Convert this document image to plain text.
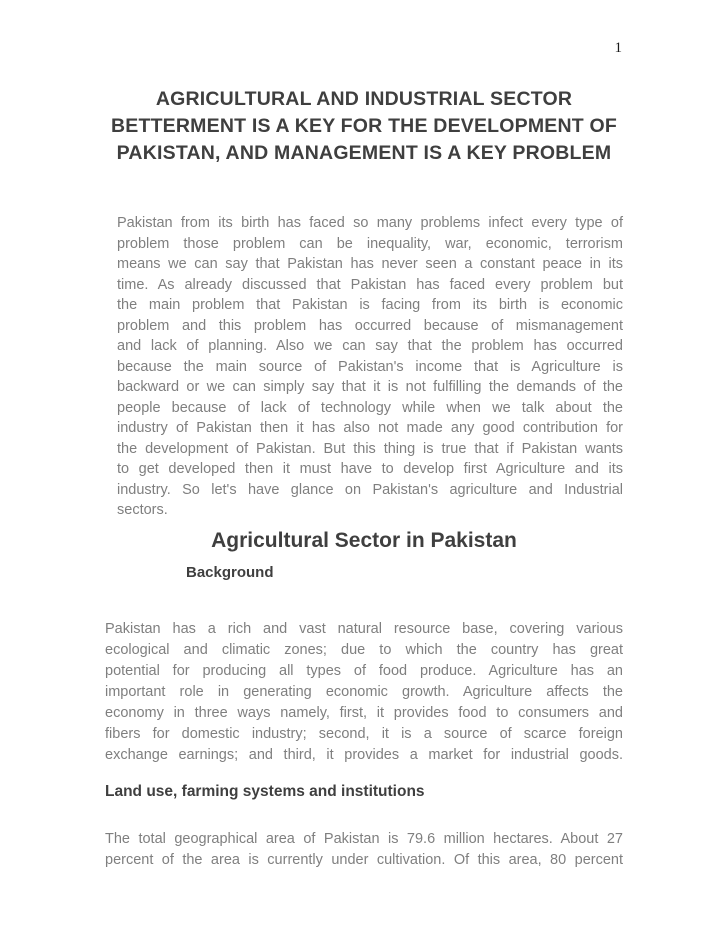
1
AGRICULTURAL AND INDUSTRIAL SECTOR
BETTERMENT IS A KEY FOR THE DEVELOPMENT OF
PAKISTAN, AND MANAGEMENT IS A KEY PROBLEM
Pakistan from its birth has faced so many problems infect every type of
problem those problem can be inequality, war, economic, terrorism
means we can say that Pakistan has never seen a constant peace in its
time. As already discussed that Pakistan has faced every problem but
the main problem that Pakistan is facing from its birth is economic
problem and this problem has occurred because of mismanagement
and lack of planning. Also we can say that the problem has occurred
because the main source of Pakistan's income that is Agriculture is
backward or we can simply say that it is not fulfilling the demands of the
people because of lack of technology while when we talk about the
industry of Pakistan then it has also not made any good contribution for
the development of Pakistan. But this thing is true that if Pakistan wants
to get developed then it must have to develop first Agriculture and its
industry. So let's have glance on Pakistan's agriculture and Industrial
sectors.
Agricultural Sector in Pakistan
Background
Pakistan has a rich and vast natural resource base, covering various
ecological and climatic zones; due to which the country has great
potential for producing all types of food produce. Agriculture has an
important role in generating economic growth. Agriculture affects the
economy in three ways namely, first, it provides food to consumers and
fibers for domestic industry; second, it is a source of scarce foreign
exchange earnings; and third, it provides a market for industrial goods.
Land use, farming systems and institutions
The total geographical area of Pakistan is 79.6 million hectares. About 27
percent of the area is currently under cultivation. Of this area, 80 percent
